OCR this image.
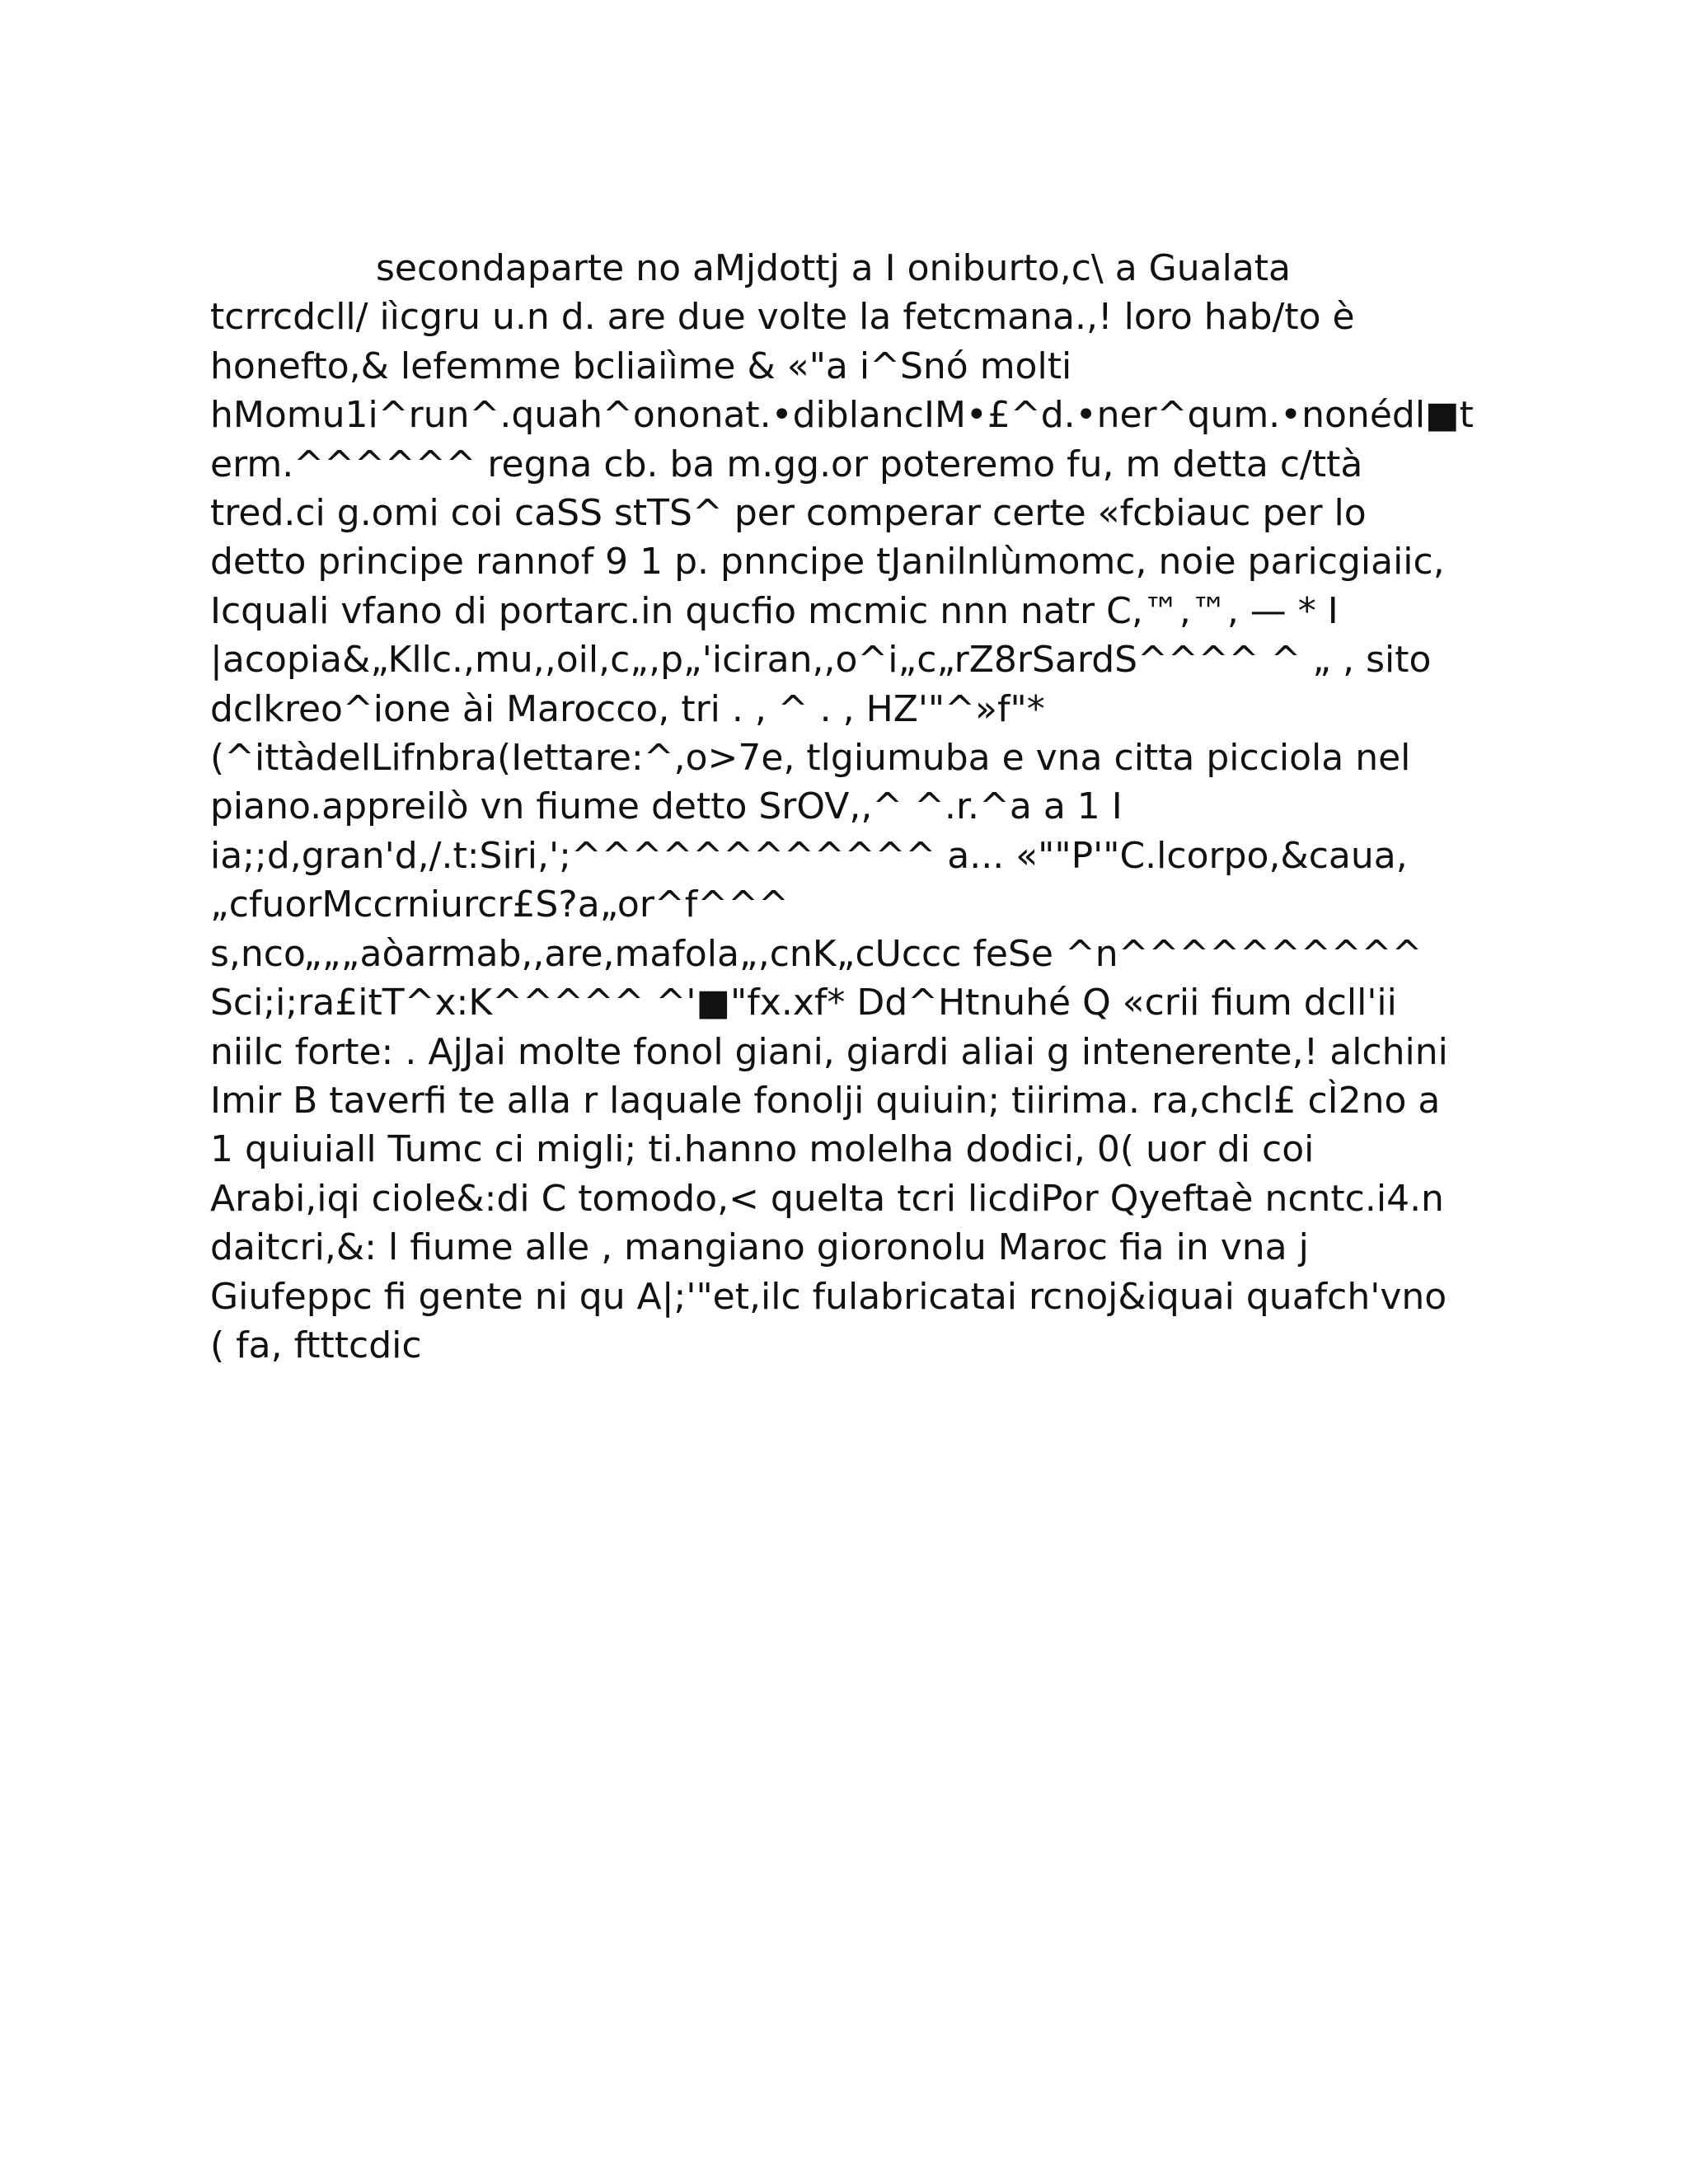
secondaparte no aMjdottj a I oniburto,c\ a Gualata
tcrrcdcll/ iìcgru u.n d. are due volte la fetcmana.,! loro hab/to è
honefto,& lefemme bcliaiìme & «"a i^Snó molti
hMomu1i^run^.quah^ononat.•diblancIM•£^d.•ner^qum.•nonédl■t
erm.^^^^^^ regna cb. ba m.gg.or poteremo fu, m detta c/ttà
tred.ci g.omi coi caSS stTS^ per comperar certe «fcbiauc per lo
detto principe rannof 9 1 p. pnncipe tJanilnlùmomc, noie paricgiaiic,
Icquali vfano di portarc.in qucfio mcmic nnn natr C,™,™, — * I
|acopia&„Kllc.,mu,,oil,c„,p„'iciran,,o^i„c„rZ8rSardS^^^^ ^ „ , sito
dclkreo^ione ài Marocco, tri . , ^ . , HZ'"^»f"*
(^ittàdelLifnbra(Iettare:^,o>7e, tlgiumuba e vna citta picciola nel
piano.appreilò vn fiume detto SrOV,,^ ^.r.^a a 1 I
ia;;d,gran'd,/.t:Siri,';^^^^^^^^^^^^ a... «""P'"C.lcorpo,&caua,
„cfuorMccrniurcr£S?a„or^f^^^
s,nco„„„aòarmab,,are,mafola„,cnK„cUccc feSe ^n^^^^^^^^^^
Sci;i;ra£itT^x:K^^^^^ ^'■"fx.xf* Dd^Htnuhé Q «crii fium dcll'ii
niilc forte: . AjJai molte fonol giani, giardi aliai g intenerente,! alchini
Imir B taverfi te alla r laquale fonolji quiuin; tiirima. ra,chcl£ cÌ2no a
1 quiuiall Tumc ci migli; ti.hanno molelha dodici, 0( uor di coi
Arabi,iqi ciole&:di C tomodo,< quelta tcri licdiPor Qyeftaè ncntc.i4.n
daitcri,&: l fiume alle , mangiano gioronolu Maroc fia in vna j
Giufeppc fi gente ni qu A|;'"et,ilc fulabricatai rcnoj&iquai quafch'vno
( fa, ftttcdic
